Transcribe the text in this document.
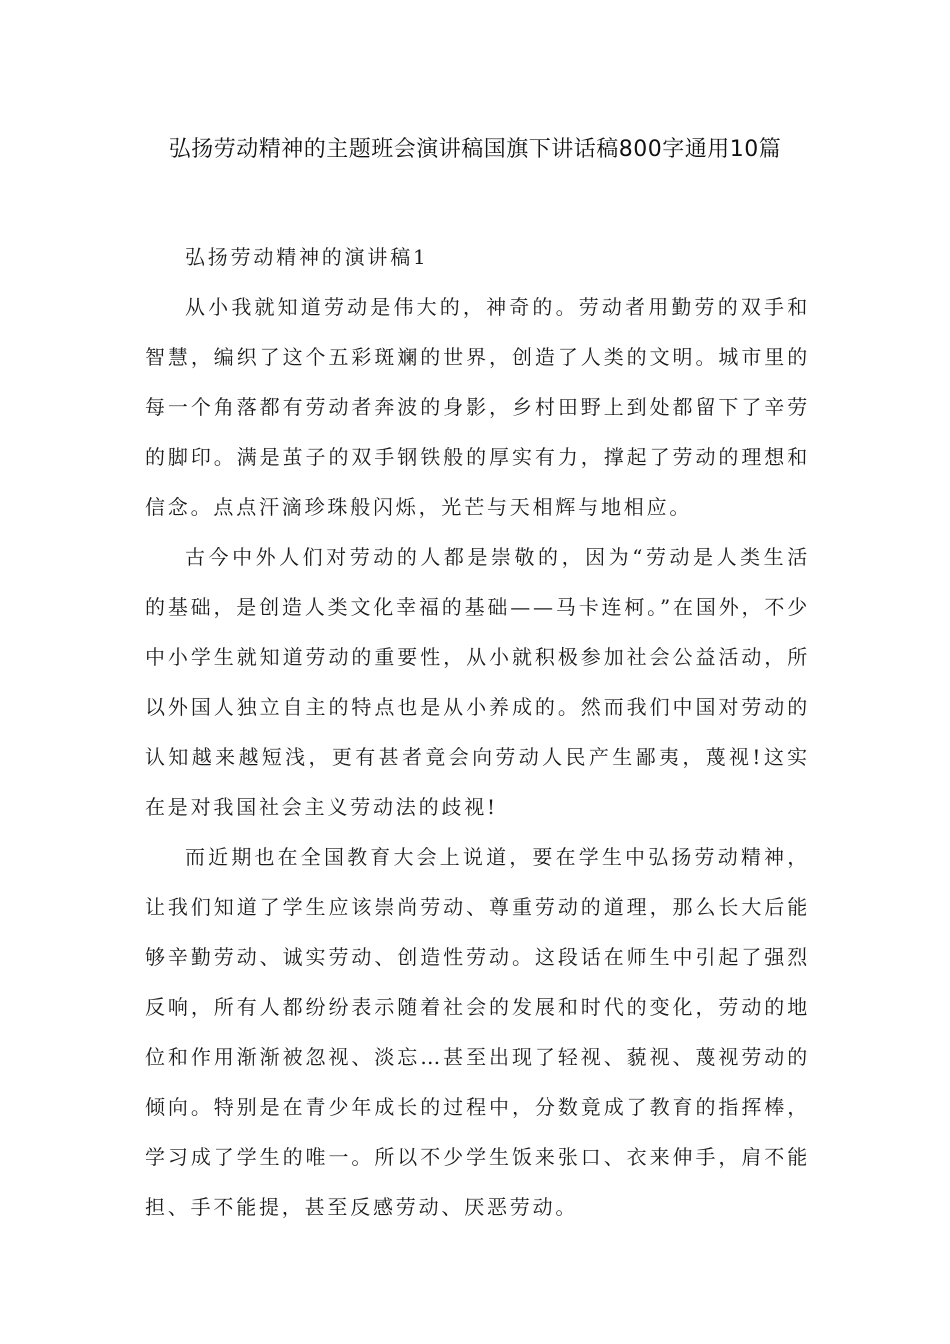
弘扬劳动精神的主题班会演讲稿国旗下讲话稿800字通用10篇

弘扬劳动精神的演讲稿1

从小我就知道劳动是伟大的，神奇的。劳动者用勤劳的双手和智慧，编织了这个五彩斑斓的世界，创造了人类的文明。城市里的每一个角落都有劳动者奔波的身影，乡村田野上到处都留下了辛劳的脚印。满是茧子的双手钢铁般的厚实有力，撑起了劳动的理想和信念。点点汗滴珍珠般闪烁，光芒与天相辉与地相应。

古今中外人们对劳动的人都是崇敬的，因为“劳动是人类生活的基础，是创造人类文化幸福的基础——马卡连柯。”在国外，不少中小学生就知道劳动的重要性，从小就积极参加社会公益活动，所以外国人独立自主的特点也是从小养成的。然而我们中国对劳动的认知越来越短浅，更有甚者竟会向劳动人民产生鄙夷，蔑视!这实在是对我国社会主义劳动法的歧视!

而近期也在全国教育大会上说道，要在学生中弘扬劳动精神，让我们知道了学生应该崇尚劳动、尊重劳动的道理，那么长大后能够辛勤劳动、诚实劳动、创造性劳动。这段话在师生中引起了强烈反响，所有人都纷纷表示随着社会的发展和时代的变化，劳动的地位和作用渐渐被忽视、淡忘…甚至出现了轻视、藐视、蔑视劳动的倾向。特别是在青少年成长的过程中，分数竟成了教育的指挥棒，学习成了学生的唯一。所以不少学生饭来张口、衣来伸手，肩不能担、手不能提，甚至反感劳动、厌恶劳动。
